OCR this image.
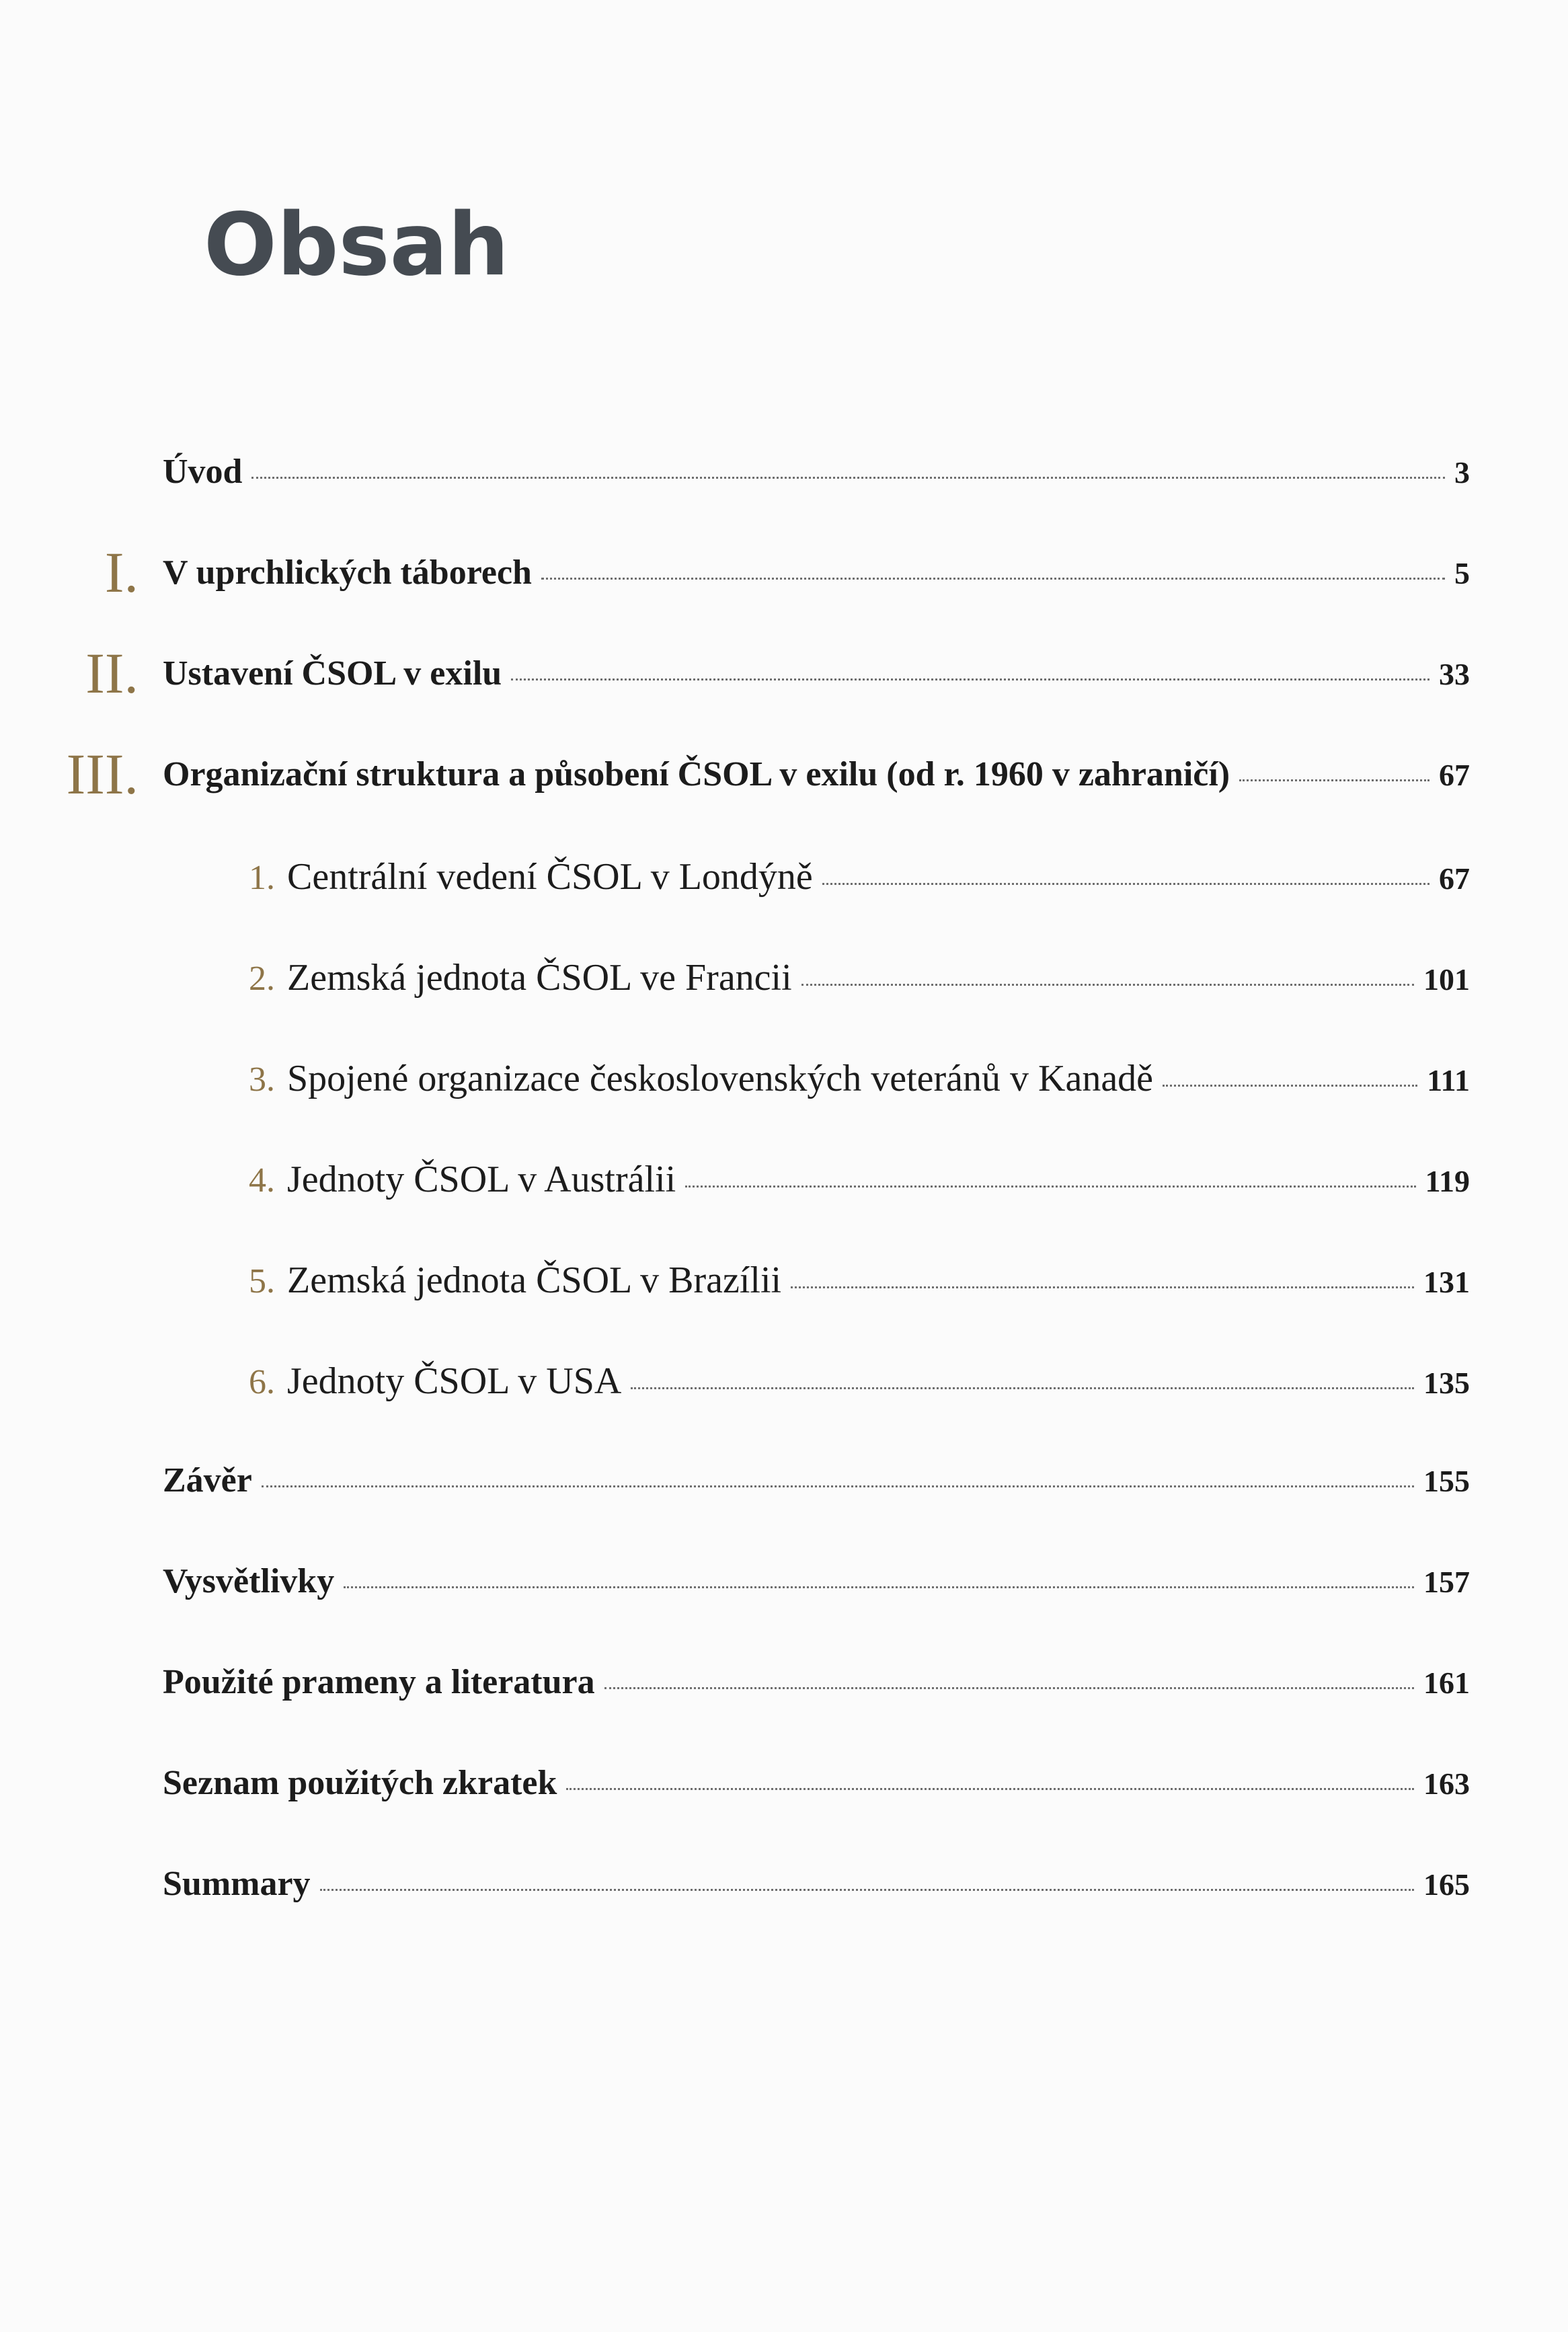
Obsah
Úvod	3
I. V uprchlických táborech	5
II. Ustavení ČSOL v exilu	33
III. Organizační struktura a působení ČSOL v exilu (od r. 1960 v zahraničí)	67
1. Centrální vedení ČSOL v Londýně	67
2. Zemská jednota ČSOL ve Francii	101
3. Spojené organizace československých veteránů v Kanadě	111
4. Jednoty ČSOL v Austrálii	119
5. Zemská jednota ČSOL v Brazílii	131
6. Jednoty ČSOL v USA	135
Závěr	155
Vysvětlivky	157
Použité prameny a literatura	161
Seznam použitých zkratek	163
Summary	165
